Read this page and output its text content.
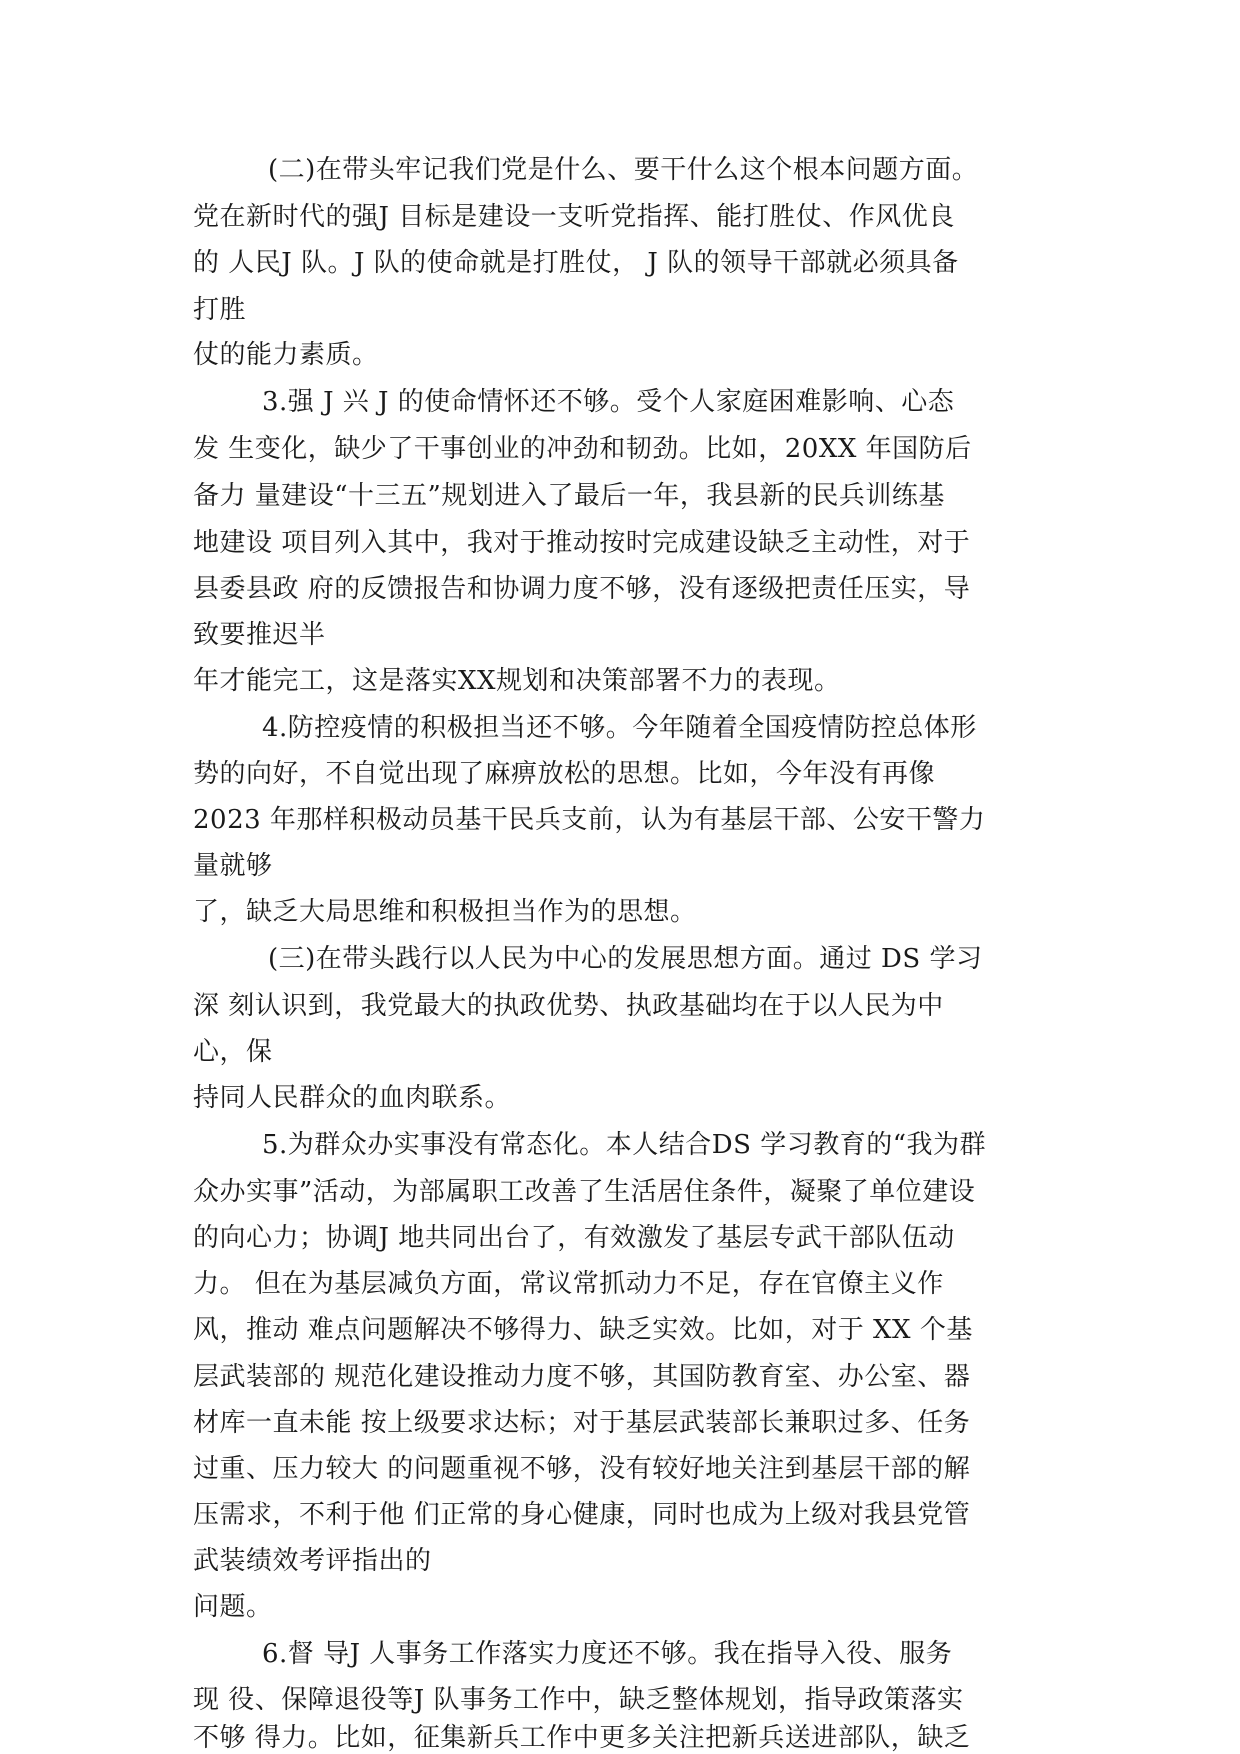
(二)在带头牢记我们党是什么、要干什么这个根本问题方面。
党在新时代的强J 目标是建设一支听党指挥、能打胜仗、作风优良
的 人民J 队。J 队的使命就是打胜仗， J 队的领导干部就必须具备
打胜
仗的能力素质。
3.强 J 兴 J 的使命情怀还不够。受个人家庭困难影响、心态
发 生变化，缺少了干事创业的冲劲和韧劲。比如，20XX 年国防后
备力 量建设“十三五”规划进入了最后一年，我县新的民兵训练基
地建设 项目列入其中，我对于推动按时完成建设缺乏主动性，对于
县委县政 府的反馈报告和协调力度不够，没有逐级把责任压实，导
致要推迟半
年才能完工，这是落实XX规划和决策部署不力的表现。
4.防控疫情的积极担当还不够。今年随着全国疫情防控总体形
势的向好，不自觉出现了麻痹放松的思想。比如，今年没有再像
2023 年那样积极动员基干民兵支前，认为有基层干部、公安干警力
量就够
了，缺乏大局思维和积极担当作为的思想。
(三)在带头践行以人民为中心的发展思想方面。通过 DS 学习
深 刻认识到，我党最大的执政优势、执政基础均在于以人民为中
心，保
持同人民群众的血肉联系。
5.为群众办实事没有常态化。本人结合DS 学习教育的“我为群
众办实事”活动，为部属职工改善了生活居住条件，凝聚了单位建设
的向心力；协调J 地共同出台了，有效激发了基层专武干部队伍动
力。 但在为基层减负方面，常议常抓动力不足，存在官僚主义作
风，推动 难点问题解决不够得力、缺乏实效。比如，对于 XX 个基
层武装部的 规范化建设推动力度不够，其国防教育室、办公室、器
材库一直未能 按上级要求达标；对于基层武装部长兼职过多、任务
过重、压力较大 的问题重视不够，没有较好地关注到基层干部的解
压需求，不利于他 们正常的身心健康，同时也成为上级对我县党管
武装绩效考评指出的
问题。
6.督 导J 人事务工作落实力度还不够。我在指导入役、服务
现 役、保障退役等J 队事务工作中，缺乏整体规划，指导政策落实
不够 得力。比如，征集新兵工作中更多关注把新兵送进部队，缺乏
